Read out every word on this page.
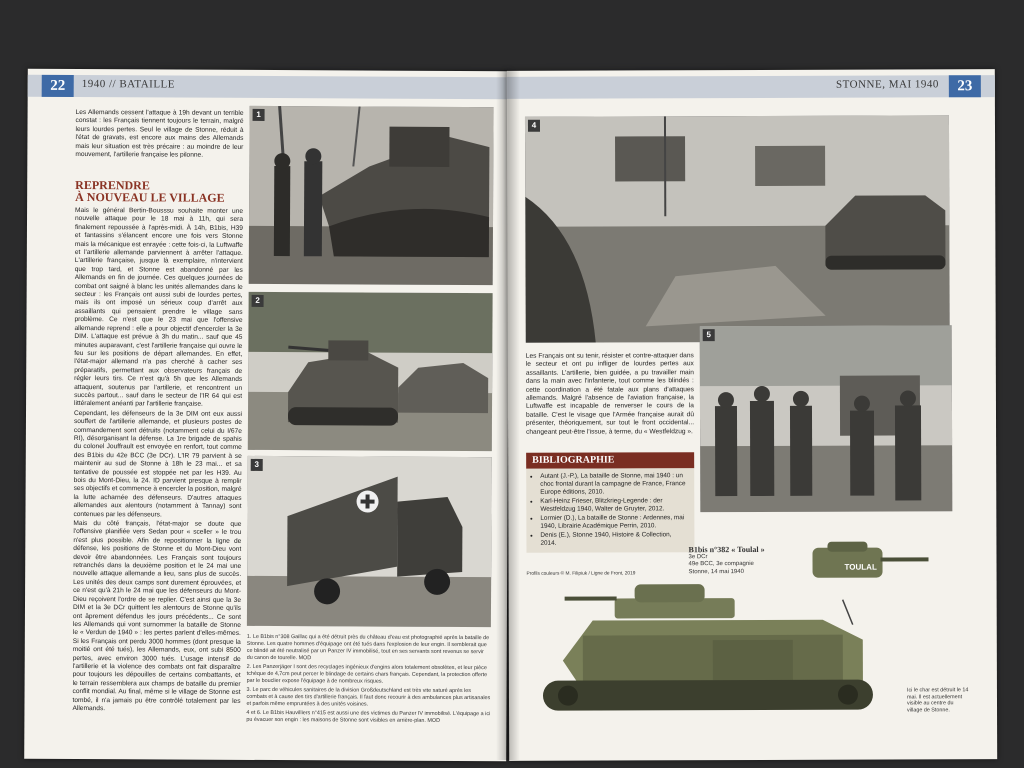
22	1940 // BATAILLE
Les Allemands cessent l'attaque à 19h devant un terrible constat : les Français tiennent toujours le terrain, malgré leurs lourdes pertes. Seul le village de Stonne, réduit à l'état de gravats, est encore aux mains des Allemands mais leur situation est très précaire : au moindre de leur mouvement, l'artillerie française les pilonne.
REPRENDRE
À NOUVEAU LE VILLAGE

Mais le général Bertin-Bousssu souhaite monter une nouvelle attaque pour le 18 mai à 11h, qui sera finalement repoussée à l'après-midi. À 14h, B1bis, H39 et fantassins s'élancent encore une fois vers Stonne mais la mécanique est enrayée : cette fois-ci, la Luftwaffe et l'artillerie allemande parviennent à arrêter l'attaque. L'artillerie française, jusque là exemplaire, n'intervient que trop tard, et Stonne est abandonné par les Allemands en fin de journée. Ces quelques journées de combat ont saigné à blanc les unités allemandes dans le secteur : les Français ont aussi subi de lourdes pertes, mais ils ont imposé un sérieux coup d'arrêt aux assaillants qui pensaient prendre le village sans problème. Ce n'est que le 23 mai que l'offensive allemande reprend : elle a pour objectif d'encercler la 3e DIM. L'attaque est prévue à 3h du matin... sauf que 45 minutes auparavant, c'est l'artillerie française qui ouvre le feu sur les positions de départ allemandes. En effet, l'état-major allemand n'a pas cherché à cacher ses préparatifs, permettant aux observateurs français de régler leurs tirs. Ce n'est qu'à 5h que les Allemands attaquent, soutenus par l'artillerie, et rencontrent un succès partout... sauf dans le secteur de l'IR 64 qui est littéralement anéanti par l'artillerie française.

Cependant, les défenseurs de la 3e DIM ont eux aussi souffert de l'artillerie allemande, et plusieurs postes de commandement sont détruits (notamment celui du I/67e RI), désorganisant la défense. La 1re brigade de spahis du colonel Jouffrault est envoyée en renfort, tout comme des B1bis du 42e BCC (3e DCr). L'IR 79 parvient à se maintenir au sud de Stonne à 18h le 23 mai... et sa tentative de poussée est stoppée net par les H39. Au bois du Mont-Dieu, la 24. ID parvient presque à remplir ses objectifs et commence à encercler la position, malgré la lutte acharnée des défenseurs. D'autres attaques allemandes aux alentours (notamment à Tannay) sont contenues par les défenseurs.

Mais du côté français, l'état-major se doute que l'offensive planifiée vers Sedan pour « sceller » le trou n'est plus possible. Afin de repositionner la ligne de défense, les positions de Stonne et du Mont-Dieu vont devoir être abandonnées. Les Français sont toujours retranchés dans la deuxième position et le 24 mai une nouvelle attaque allemande a lieu, sans plus de succès. Les unités des deux camps sont durement éprouvées, et ce n'est qu'à 21h le 24 mai que les défenseurs du Mont-Dieu reçoivent l'ordre de se replier. C'est ainsi que la 3e DIM et la 3e DCr quittent les alentours de Stonne qu'ils ont âprement défendus les jours précédents... Ce sont les Allemands qui vont surnommer la bataille de Stonne le « Verdun de 1940 » : les pertes parlent d'elles-mêmes. Si les Français ont perdu 3000 hommes (dont presque la moitié ont été tués), les Allemands, eux, ont subi 8500 pertes, avec environ 3000 tués. L'usage intensif de l'artillerie et la violence des combats ont fait disparaître pour toujours les dépouilles de certains combattants, et le terrain ressemblera aux champs de bataille du premier conflit mondial. Au final, même si le village de Stonne est tombé, il n'a jamais pu être contrôlé totalement par les Allemands.

1
2
3
1. Le B1bis n°308 Gaillac qui a été détruit près du château d'eau est photographié après la bataille de Stonne. Les quatre hommes d'équipage ont été tués dans l'explosion de leur engin. Il semblerait que ce blindé ait été neutralisé par un Panzer IV immobilisé, tout en ses servants sont revenus se servir du canon de tourelle. MOD
2. Les Panzerjäger I sont des recyclages ingénieux d'engins alors totalement obsolètes, et leur pièce tchèque de 4,7cm peut percer le blindage de certains chars français. Cependant, la protection offerte par le bouclier expose l'équipage à de nombreux risques.
3. Le parc de véhicules sanitaires de la division Großdeutschland est très vite saturé après les combats et à cause des tirs d'artillerie français. Il faut donc recourir à des ambulances plus artisanales et parfois même empruntées à des unités voisines.
4 et 6. Le B1bis Hauvilliers n°415 est aussi une des victimes du Panzer IV immobilisé. L'équipage a ici pu évacuer son engin : les maisons de Stonne sont visibles en arrière-plan. MOD
STONNE, MAI 1940	23
4
5
Les Français ont su tenir, résister et contre-attaquer dans le secteur et ont pu infliger de lourdes pertes aux assaillants. L'artillerie, bien guidée, a pu travailler main dans la main avec l'infanterie, tout comme les blindés : cette coordination a été fatale aux plans d'attaques allemands. Malgré l'absence de l'aviation française, la Luftwaffe est incapable de renverser le cours de la bataille. C'est le visage que l'Armée française aurait dû présenter, théoriquement, sur tout le front occidental... changeant peut-être l'issue, à terme, du « Westfeldzug ».
BIBLIOGRAPHIE
• Autant (J.-P.), La bataille de Stonne, mai 1940 : un choc frontal durant la campagne de France, France Europe éditions, 2010.
• Karl-Heinz Frieser, Blitzkrieg-Legende : der Westfeldzug 1940, Walter de Gruyter, 2012.
• Lormier (D.), La bataille de Stonne : Ardennes, mai 1940, Librairie Académique Perrin, 2010.
• Denis (E.), Stonne 1940, Histoire & Collection, 2014.
Profils couleurs © M. Filipiuk / Ligne de Front, 2019
B1bis n°382 « Toulal »
3e DCr
49e BCC, 3e compagnie
Stonne, 14 mai 1940	TOULAL
Ici le char est détruit le 14 mai. Il est actuellement visible au centre du village de Stonne.
